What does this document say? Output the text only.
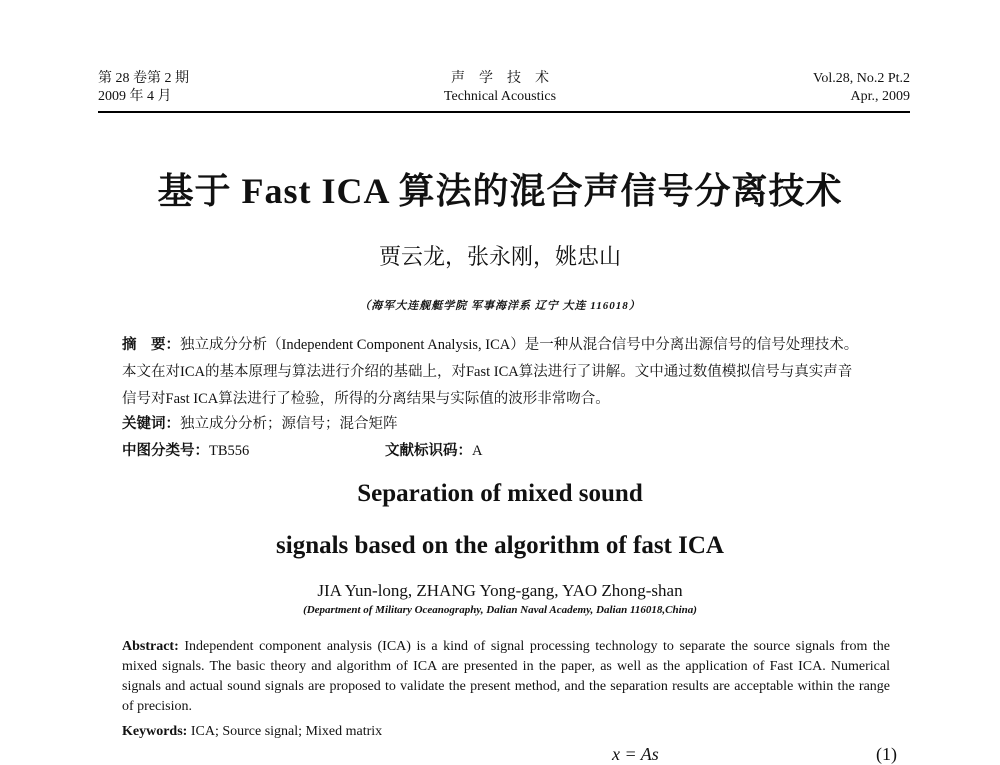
第 28 卷第 2 期
2009 年 4 月
声　学　技　术
Technical Acoustics
Vol.28, No.2 Pt.2
Apr., 2009
基于 Fast ICA 算法的混合声信号分离技术
贾云龙，张永刚，姚忠山
（海军大连舰艇学院 军事海洋系 辽宁 大连 116018）
摘　要：独立成分分析（Independent Component Analysis, ICA）是一种从混合信号中分离出源信号的信号处理技术。
本文在对ICA的基本原理与算法进行介绍的基础上，对Fast ICA算法进行了讲解。文中通过数值模拟信号与真实声音
信号对Fast ICA算法进行了检验，所得的分离结果与实际值的波形非常吻合。
关键词：独立成分分析；源信号；混合矩阵
中图分类号：TB556	文献标识码：A
Separation of mixed sound
signals based on the algorithm of fast ICA
JIA Yun-long, ZHANG Yong-gang, YAO Zhong-shan
(Department of Military Oceanography, Dalian Naval Academy, Dalian 116018,China)
Abstract: Independent component analysis (ICA) is a kind of signal processing technology to separate the source signals from the mixed signals. The basic theory and algorithm of ICA are presented in the paper, as well as the application of Fast ICA. Numerical signals and actual sound signals are proposed to validate the present method, and the separation results are acceptable within the range of precision.
Keywords: ICA; Source signal; Mixed matrix
x = As	(1)
